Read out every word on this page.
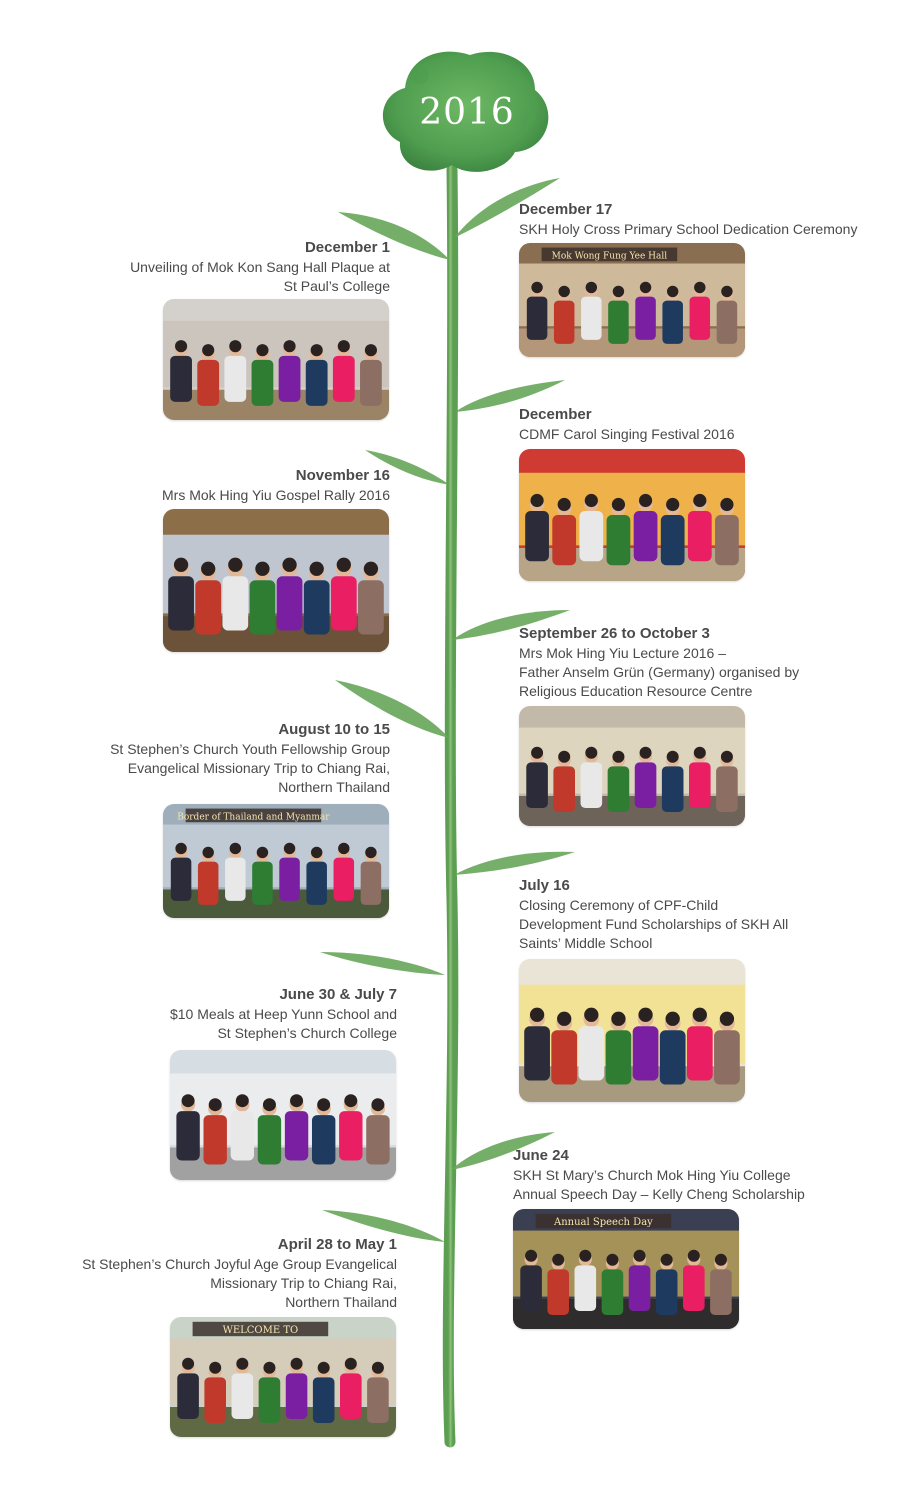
2016
December 17
SKH Holy Cross Primary School Dedication Ceremony
Mok Wong Fung Yee Hall
December 1
Unveiling of Mok Kon Sang Hall Plaque at
St Paul’s College
December
CDMF Carol Singing Festival 2016
November 16
Mrs Mok Hing Yiu Gospel Rally 2016
September 26 to October 3
Mrs Mok Hing Yiu Lecture 2016 –
Father Anselm Grün (Germany) organised by
Religious Education Resource Centre
August 10 to 15
St Stephen’s Church Youth Fellowship Group
Evangelical Missionary Trip to Chiang Rai,
Northern Thailand
Border of Thailand and Myanmar
July 16
Closing Ceremony of CPF-Child
Development Fund Scholarships of SKH All
Saints’ Middle School
June 30 & July 7
$10 Meals at Heep Yunn School and
St Stephen’s Church College
June 24
SKH St Mary’s Church Mok Hing Yiu College
Annual Speech Day – Kelly Cheng Scholarship
Annual Speech Day
April 28 to May 1
St Stephen’s Church Joyful Age Group Evangelical
Missionary Trip to Chiang Rai,
Northern Thailand
WELCOME TO
